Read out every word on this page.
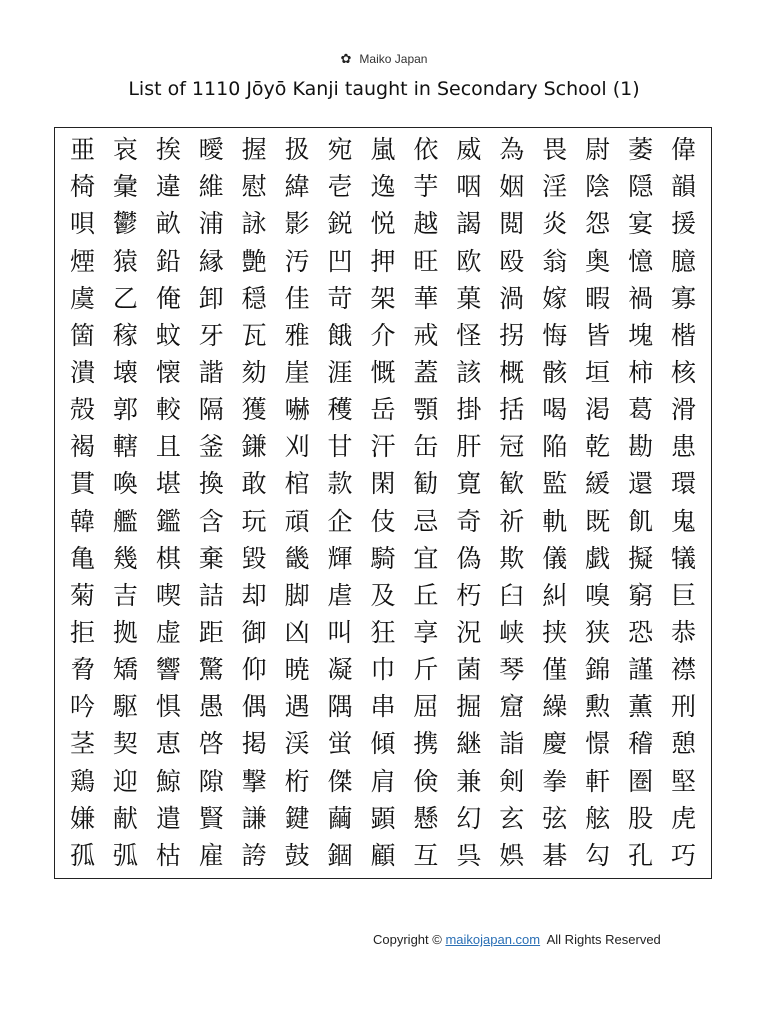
✿ Maiko Japan
List of 1110 Jōyō Kanji taught in Secondary School (1)
亜 哀 挨 曖 握 扱 宛 嵐 依 威 為 畏 尉 萎 偉
椅 彙 違 維 慰 緯 壱 逸 芋 咽 姻 淫 陰 隠 韻
唄 鬱 畝 浦 詠 影 鋭 悦 越 謁 閲 炎 怨 宴 援
煙 猿 鉛 縁 艶 汚 凹 押 旺 欧 殴 翁 奥 憶 臆
虞 乙 俺 卸 穏 佳 苛 架 華 菓 渦 嫁 暇 禍 寡
箇 稼 蚊 牙 瓦 雅 餓 介 戒 怪 拐 悔 皆 塊 楷
潰 壊 懐 諧 劾 崖 涯 慨 蓋 該 概 骸 垣 柿 核
殻 郭 較 隔 獲 嚇 穫 岳 顎 掛 括 喝 渇 葛 滑
褐 轄 且 釜 鎌 刈 甘 汗 缶 肝 冠 陥 乾 勘 患
貫 喚 堪 換 敢 棺 款 閑 勧 寛 歓 監 緩 還 環
韓 艦 鑑 含 玩 頑 企 伎 忌 奇 祈 軌 既 飢 鬼
亀 幾 棋 棄 毀 畿 輝 騎 宜 偽 欺 儀 戯 擬 犠
菊 吉 喫 詰 却 脚 虐 及 丘 朽 臼 糾 嗅 窮 巨
拒 拠 虚 距 御 凶 叫 狂 享 況 峡 挟 狭 恐 恭
脅 矯 響 驚 仰 暁 凝 巾 斤 菌 琴 僅 錦 謹 襟
吟 駆 惧 愚 偶 遇 隅 串 屈 掘 窟 繰 勲 薫 刑
茎 契 恵 啓 掲 渓 蛍 傾 携 継 詣 慶 憬 稽 憩
鶏 迎 鯨 隙 撃 桁 傑 肩 倹 兼 剣 拳 軒 圏 堅
嫌 献 遣 賢 謙 鍵 繭 顕 懸 幻 玄 弦 舷 股 虎
孤 弧 枯 雇 誇 鼓 錮 顧 互 呉 娯 碁 勾 孔 巧
Copyright © maikojapan.com All Rights Reserved
